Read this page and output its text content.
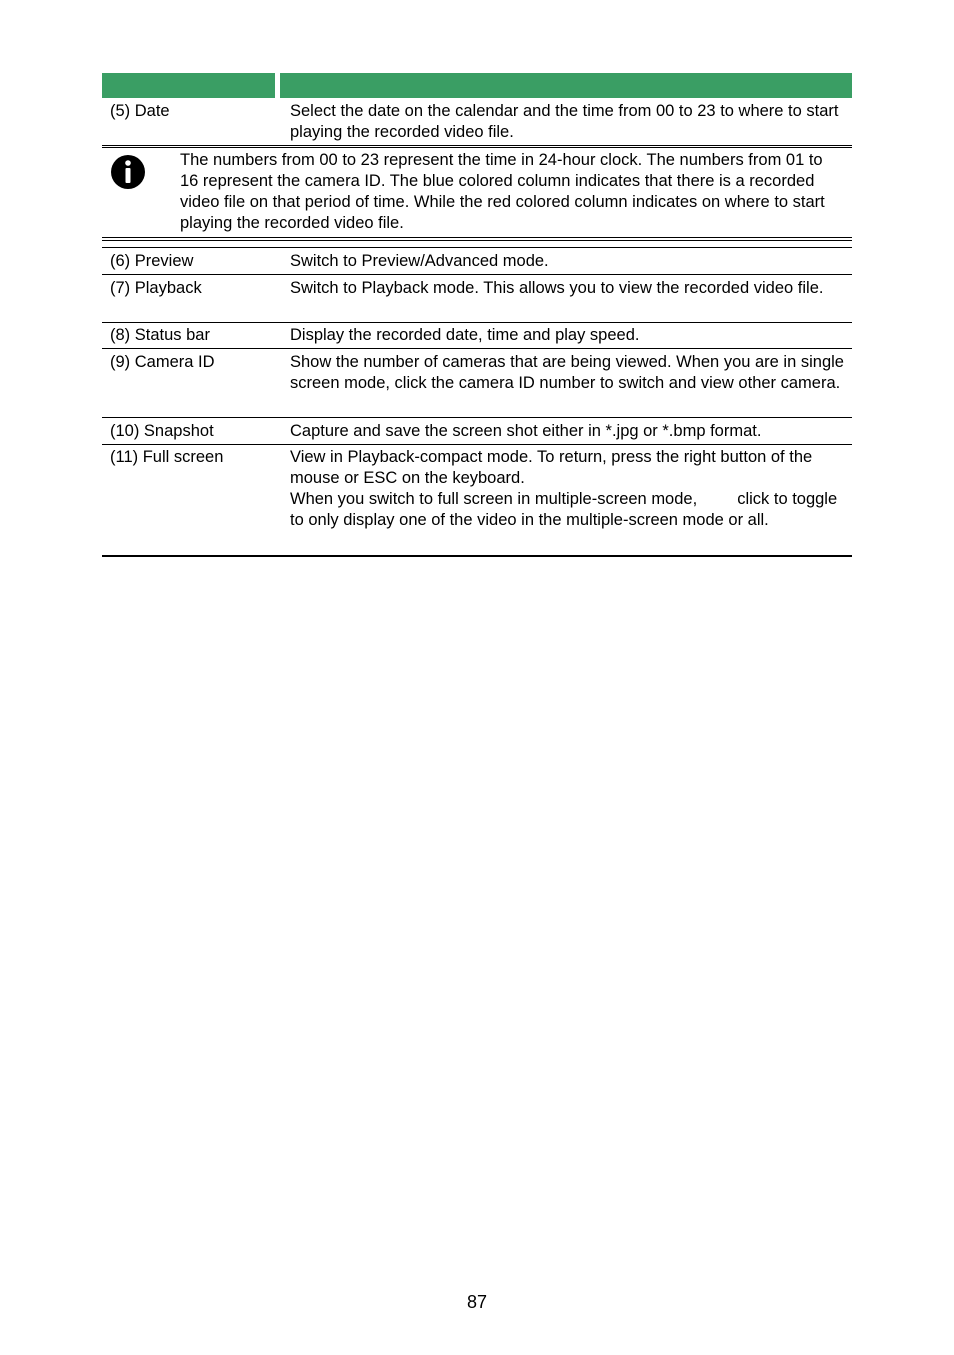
(5) Date	Select the date on the calendar and the time from 00 to 23 to where to start playing the recorded video file.
The numbers from 00 to 23 represent the time in 24-hour clock. The numbers from 01 to 16 represent the camera ID. The blue colored column indicates that there is a recorded video file on that period of time. While the red colored column indicates on where to start playing the recorded video file.
(6) Preview	Switch to Preview/Advanced mode.
(7) Playback	Switch to Playback mode. This allows you to view the recorded video file.
(8) Status bar	Display the recorded date, time and play speed.
(9) Camera ID	Show the number of cameras that are being viewed. When you are in single screen mode, click the camera ID number to switch and view other camera.
(10) Snapshot	Capture and save the screen shot either in *.jpg or *.bmp format.
(11) Full screen	View in Playback-compact mode. To return, press the right button of the mouse or ESC on the keyboard.

When you switch to full screen in multiple-screen mode, click to toggle to only display one of the video in the multiple-screen mode or all.

87
